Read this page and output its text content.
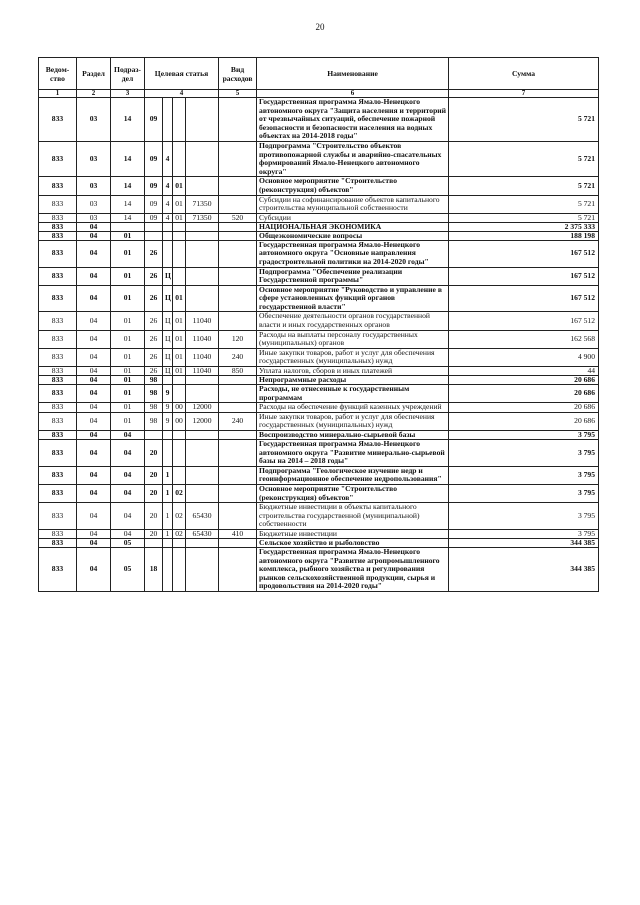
20
Ведом-ство	Раздел	Подраз-дел	Целевая статья				Вид расходов	Наименование	Сумма
1	2	3	4				5	6	7
833	03	14	09					Государственная программа Ямало-Ненецкого автономного округа "Защита населения и территорий от чрезвычайных ситуаций, обеспечение пожарной безопасности и безопасности населения на водных объектах на 2014-2018 годы"	5 721
833	03	14	09	4				Подпрограмма "Строительство объектов противопожарной службы и аварийно-спасательных формирований Ямало-Ненецкого автономного округа"	5 721
833	03	14	09	4	01			Основное мероприятие "Строительство (реконструкция) объектов"	5 721
833	03	14	09	4	01	71350		Субсидии на софинансирование объектов капитального строительства муниципальной собственности	5 721
833	03	14	09	4	01	71350	520	Субсидии	5 721
833	04							НАЦИОНАЛЬНАЯ ЭКОНОМИКА	2 375 333
833	04	01						Общеэкономические вопросы	188 198
833	04	01	26					Государственная программа Ямало-Ненецкого автономного округа "Основные направления градостроительной политики на 2014-2020 годы"	167 512
833	04	01	26	Ц				Подпрограмма "Обеспечение реализации Государственной программы"	167 512
833	04	01	26	Ц	01			Основное мероприятие "Руководство и управление в сфере установленных функций органов государственной власти"	167 512
833	04	01	26	Ц	01	11040		Обеспечение деятельности органов государственной власти и иных государственных органов	167 512
833	04	01	26	Ц	01	11040	120	Расходы на выплаты персоналу государственных (муниципальных) органов	162 568
833	04	01	26	Ц	01	11040	240	Иные закупки товаров, работ и услуг для обеспечения государственных (муниципальных) нужд	4 900
833	04	01	26	Ц	01	11040	850	Уплата налогов, сборов и иных платежей	44
833	04	01	98					Непрограммные расходы	20 686
833	04	01	98	9				Расходы, не отнесенные к государственным программам	20 686
833	04	01	98	9	00	12000		Расходы на обеспечение функций казенных учреждений	20 686
833	04	01	98	9	00	12000	240	Иные закупки товаров, работ и услуг для обеспечения государственных (муниципальных) нужд	20 686
833	04	04						Воспроизводство минерально-сырьевой базы	3 795
833	04	04	20					Государственная программа Ямало-Ненецкого автономного округа "Развитие минерально-сырьевой базы на 2014 – 2018 годы"	3 795
833	04	04	20	1				Подпрограмма "Геологическое изучение недр и геоинформационное обеспечение недропользования"	3 795
833	04	04	20	1	02			Основное мероприятие "Строительство (реконструкция) объектов"	3 795
833	04	04	20	1	02	65430		Бюджетные инвестиции в объекты капитального строительства государственной (муниципальной) собственности	3 795
833	04	04	20	1	02	65430	410	Бюджетные инвестиции	3 795
833	04	05						Сельское хозяйство и рыболовство	344 385
833	04	05	18					Государственная программа Ямало-Ненецкого автономного округа "Развитие агропромышленного комплекса, рыбного хозяйства и регулирования рынков сельскохозяйственной продукции, сырья и продовольствия на 2014-2020 годы"	344 385
